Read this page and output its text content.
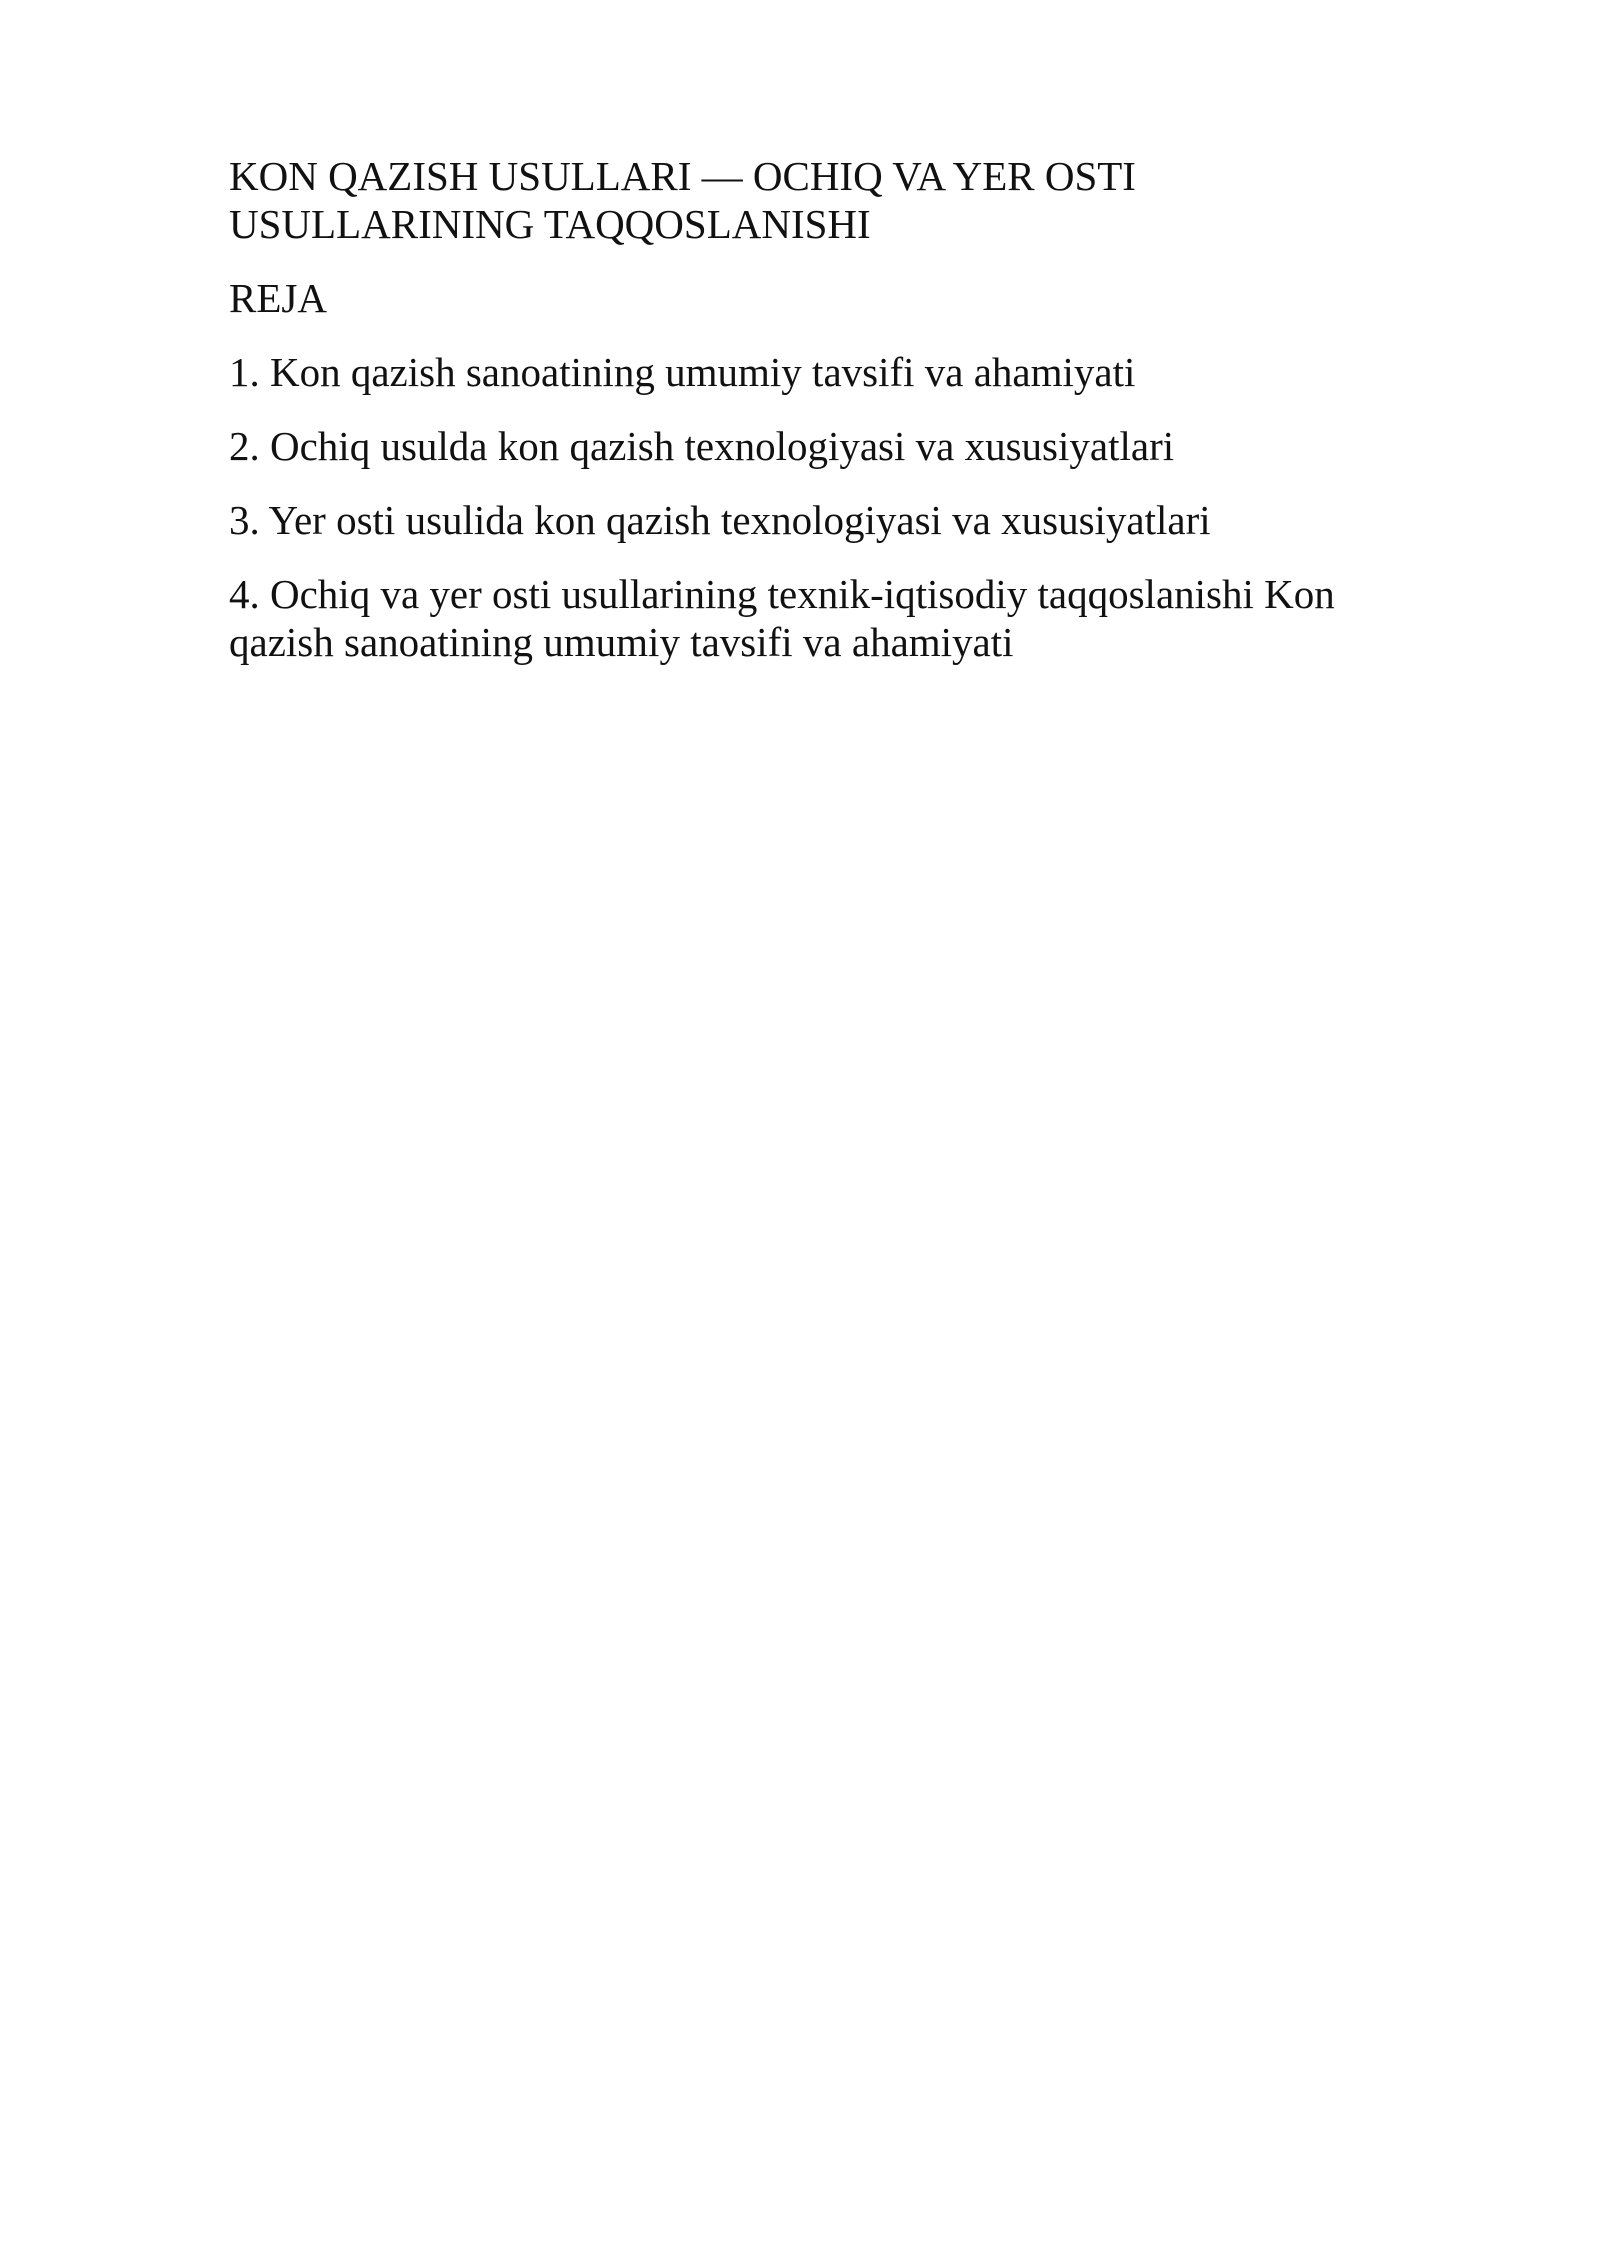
KON QAZISH USULLARI — OCHIQ VA YER OSTI USULLARINING TAQQOSLANISHI
REJA
1. Kon qazish sanoatining umumiy tavsifi va ahamiyati
2. Ochiq usulda kon qazish texnologiyasi va xususiyatlari
3. Yer osti usulida kon qazish texnologiyasi va xususiyatlari
4. Ochiq va yer osti usullarining texnik-iqtisodiy taqqoslanishi Kon qazish sanoatining umumiy tavsifi va ahamiyati
